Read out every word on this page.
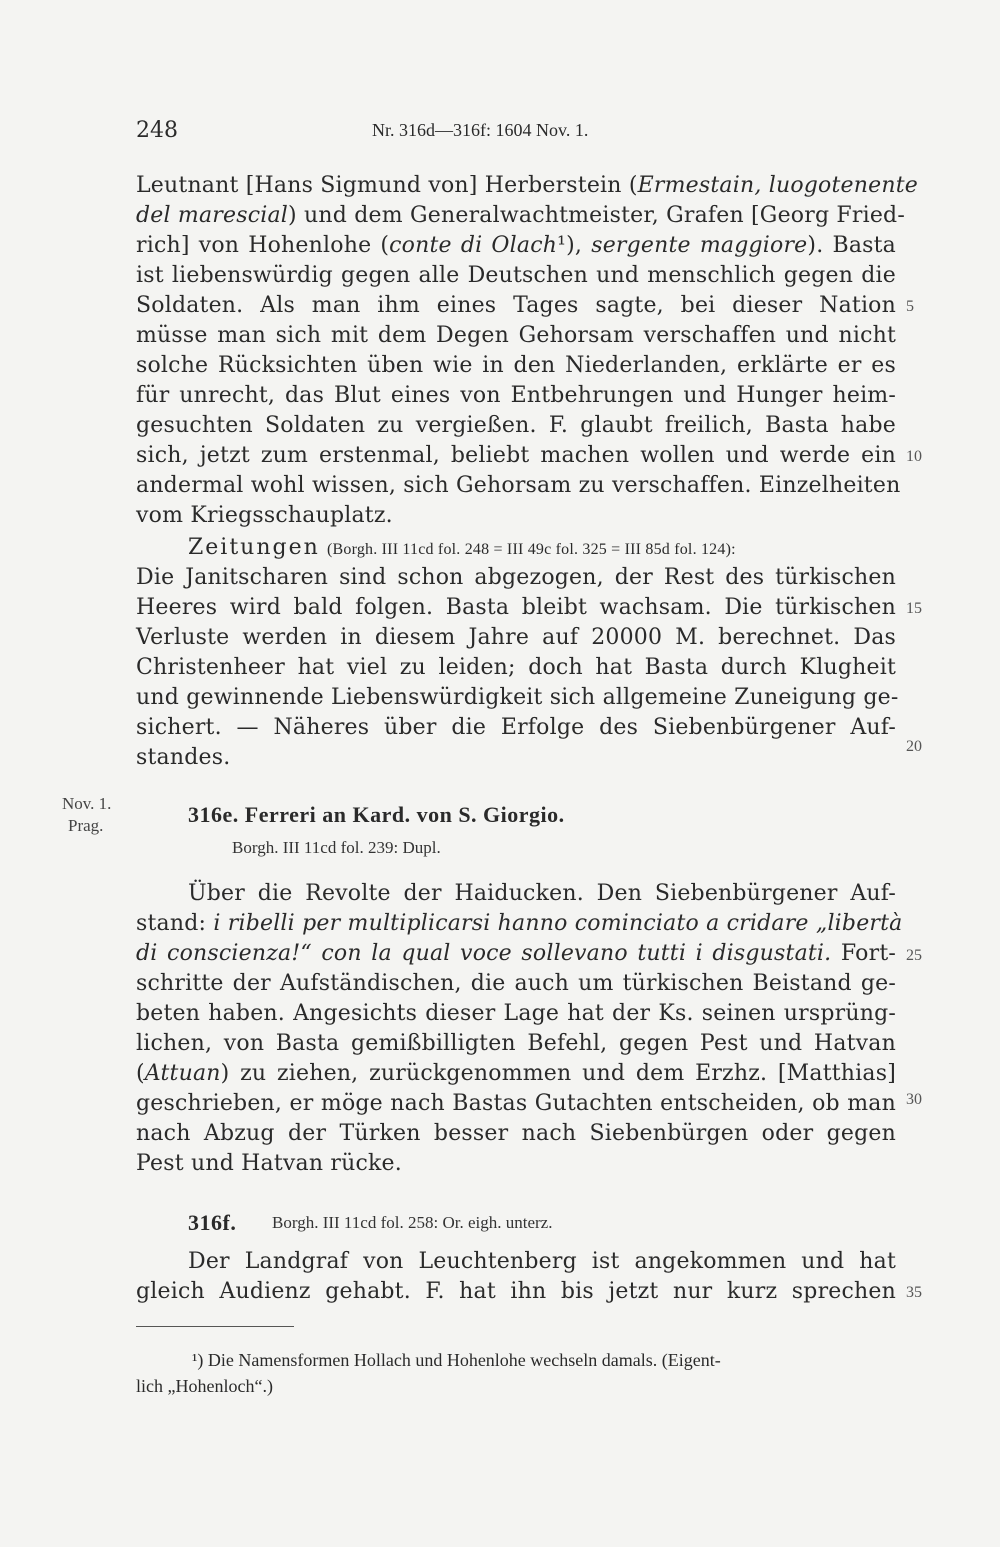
248	Nr. 316d—316f: 1604 Nov. 1.
Leutnant [Hans Sigmund von] Herberstein (Ermestain, luogotenente
del marescial) und dem Generalwachtmeister, Grafen [Georg Fried-
rich] von Hohenlohe (conte di Olach¹), sergente maggiore). Basta
ist liebenswürdig gegen alle Deutschen und menschlich gegen die
Soldaten. Als man ihm eines Tages sagte, bei dieser Nation
müsse man sich mit dem Degen Gehorsam verschaffen und nicht
solche Rücksichten üben wie in den Niederlanden, erklärte er es
für unrecht, das Blut eines von Entbehrungen und Hunger heim-
gesuchten Soldaten zu vergießen. F. glaubt freilich, Basta habe
sich, jetzt zum erstenmal, beliebt machen wollen und werde ein
andermal wohl wissen, sich Gehorsam zu verschaffen. Einzelheiten
vom Kriegsschauplatz.
Zeitungen (Borgh. III 11cd fol. 248 = III 49c fol. 325 = III 85d fol. 124):
Die Janitscharen sind schon abgezogen, der Rest des türkischen
Heeres wird bald folgen. Basta bleibt wachsam. Die türkischen
Verluste werden in diesem Jahre auf 20000 M. berechnet. Das
Christenheer hat viel zu leiden; doch hat Basta durch Klugheit
und gewinnende Liebenswürdigkeit sich allgemeine Zuneigung ge-
sichert. — Näheres über die Erfolge des Siebenbürgener Auf-
standes.
5
10
15
20
25
30
35
Nov. 1.
Prag.	316e. Ferreri an Kard. von S. Giorgio.
Borgh. III 11cd fol. 239: Dupl.
Über die Revolte der Haiducken. Den Siebenbürgener Auf-
stand: i ribelli per multiplicarsi hanno cominciato a cridare „libertà
di conscienza!“ con la qual voce sollevano tutti i disgustati. Fort-
schritte der Aufständischen, die auch um türkischen Beistand ge-
beten haben. Angesichts dieser Lage hat der Ks. seinen ursprüng-
lichen, von Basta gemißbilligten Befehl, gegen Pest und Hatvan
(Attuan) zu ziehen, zurückgenommen und dem Erzhz. [Matthias]
geschrieben, er möge nach Bastas Gutachten entscheiden, ob man
nach Abzug der Türken besser nach Siebenbürgen oder gegen
Pest und Hatvan rücke.
316f. Borgh. III 11cd fol. 258: Or. eigh. unterz.
Der Landgraf von Leuchtenberg ist angekommen und hat
gleich Audienz gehabt. F. hat ihn bis jetzt nur kurz sprechen
¹) Die Namensformen Hollach und Hohenlohe wechseln damals. (Eigent-
lich „Hohenloch“.)
